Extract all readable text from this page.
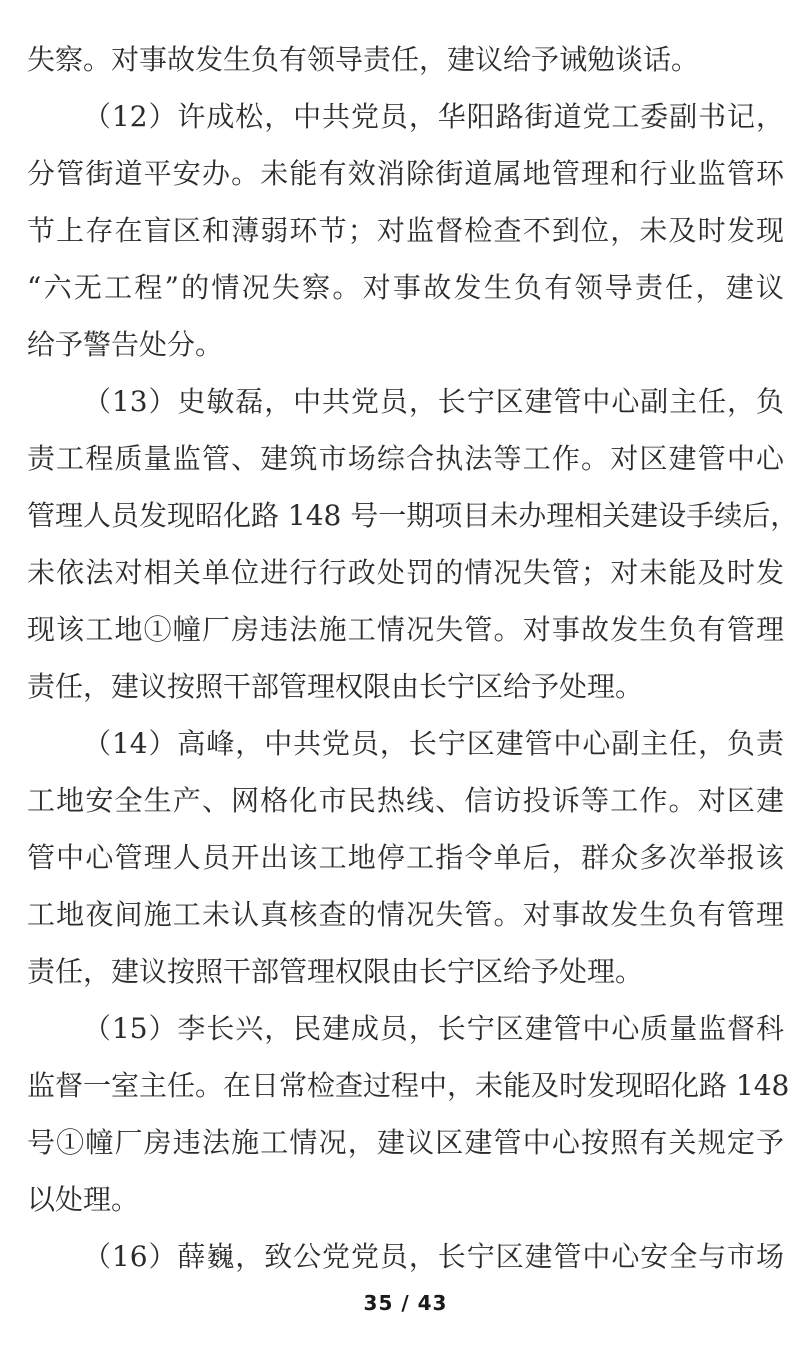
失察。对事故发生负有领导责任，建议给予诫勉谈话。
（12）许成松，中共党员，华阳路街道党工委副书记，
分管街道平安办。未能有效消除街道属地管理和行业监管环
节上存在盲区和薄弱环节；对监督检查不到位，未及时发现
“六无工程”的情况失察。对事故发生负有领导责任，建议
给予警告处分。
（13）史敏磊，中共党员，长宁区建管中心副主任，负
责工程质量监管、建筑市场综合执法等工作。对区建管中心
管理人员发现昭化路 148 号一期项目未办理相关建设手续后，
未依法对相关单位进行行政处罚的情况失管；对未能及时发
现该工地①幢厂房违法施工情况失管。对事故发生负有管理
责任，建议按照干部管理权限由长宁区给予处理。
（14）高峰，中共党员，长宁区建管中心副主任，负责
工地安全生产、网格化市民热线、信访投诉等工作。对区建
管中心管理人员开出该工地停工指令单后，群众多次举报该
工地夜间施工未认真核查的情况失管。对事故发生负有管理
责任，建议按照干部管理权限由长宁区给予处理。
（15）李长兴，民建成员，长宁区建管中心质量监督科
监督一室主任。在日常检查过程中，未能及时发现昭化路 148
号①幢厂房违法施工情况，建议区建管中心按照有关规定予
以处理。
（16）薛巍，致公党党员，长宁区建管中心安全与市场
35 / 43
